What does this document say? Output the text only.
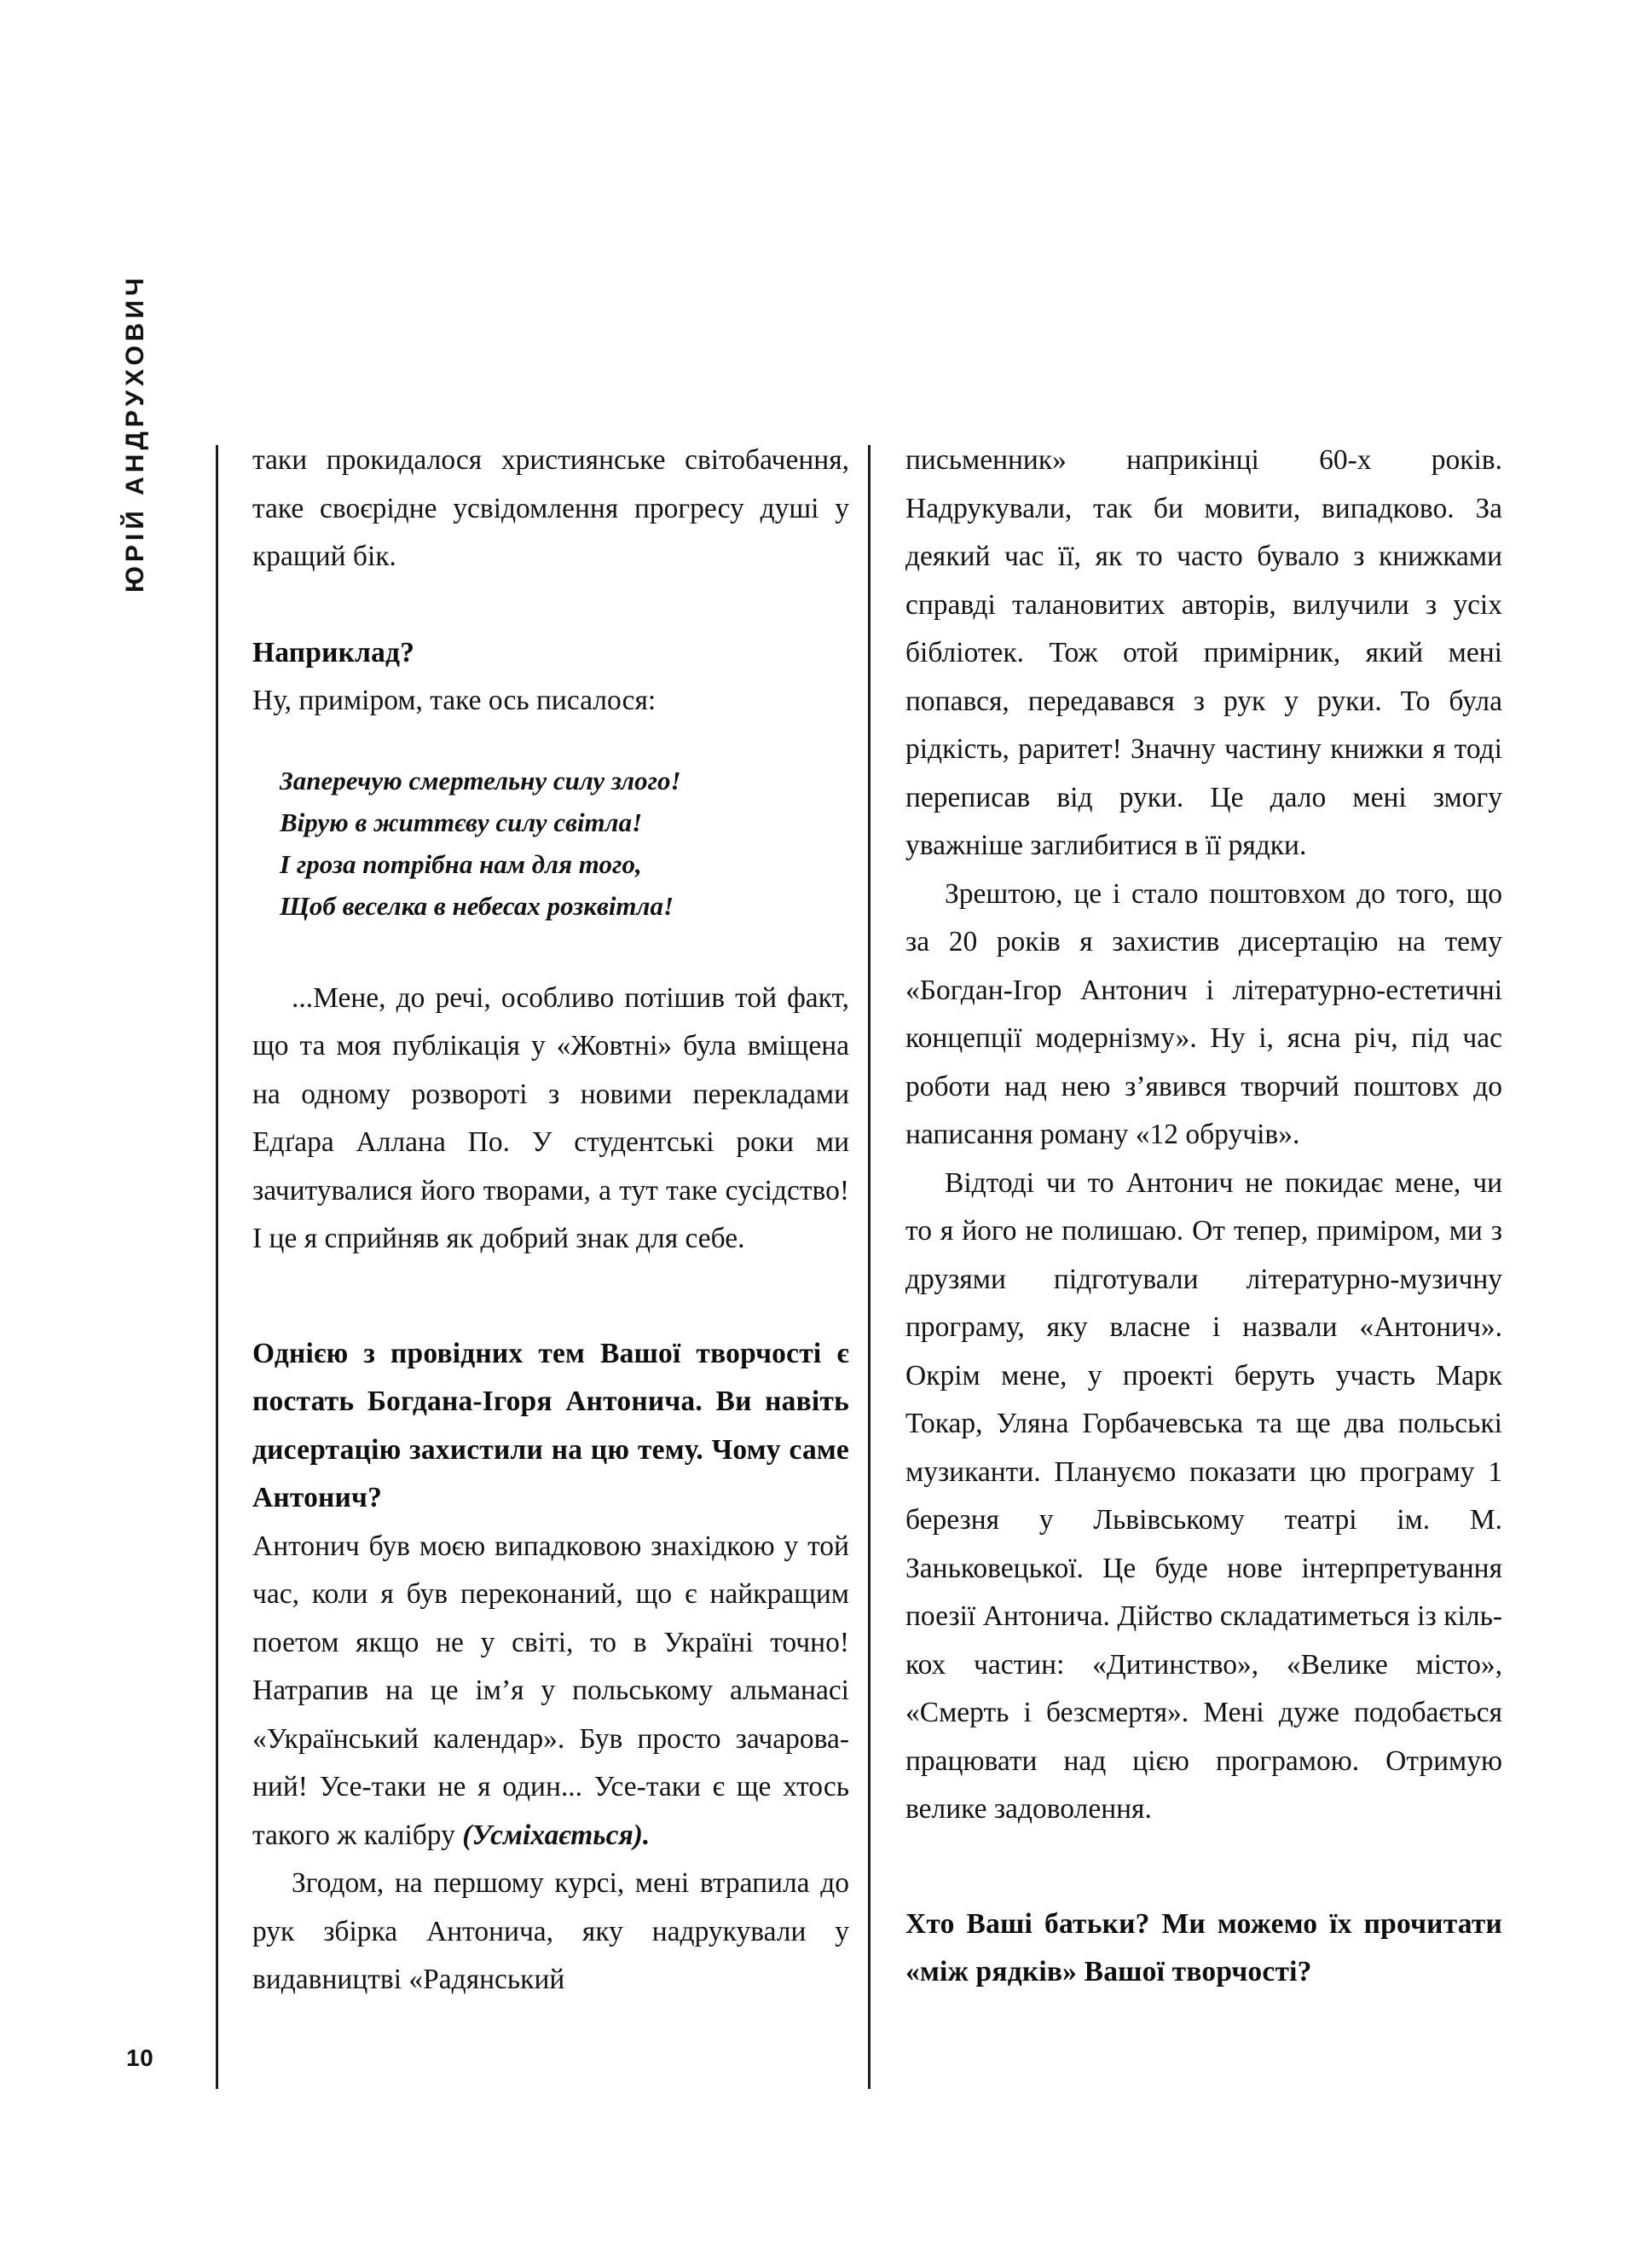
ЮРІЙ АНДРУХОВИЧ
10

таки прокидалося християнське світобачення, таке своєрідне усвідомлення прогресу душі у кращий бік.

Наприклад?

Ну, приміром, таке ось писалося:

Заперечую смертельну силу злого!
Вірую в життєву силу світла!
І гроза потрібна нам для того,
Щоб веселка в небесах розквітла!

...Мене, до речі, особливо потішив той факт, що та моя публікація у «Жовтні» була вміщена на одному розвороті з новими перекладами Едґара Аллана По. У студентські роки ми зачитувалися його творами, а тут таке сусідство! І це я сприйняв як добрий знак для себе.

Однією з провідних тем Вашої творчості є постать Богдана-Ігоря Антонича. Ви навіть дисертацію захистили на цю тему. Чому саме Антонич?

Антонич був моєю випадковою знахідкою у той час, коли я був переконаний, що є найкращим поетом якщо не у світі, то в Україні точно! Натрапив на це ім’я у польському альманасі «Український календар». Був просто зачарований! Усе-таки не я один... Усе-таки є ще хтось такого ж калібру (Усміхається).

Згодом, на першому курсі, мені втрапила до рук збірка Антонича, яку надрукували у видавництві «Радянський

письменник» наприкінці 60-х років. Надрукували, так би мовити, випадково. За деякий час її, як то часто бувало з книжками справді талановитих авторів, вилучили з усіх бібліотек. Тож отой примірник, який мені попався, передавався з рук у руки. То була рідкість, раритет! Значну частину книжки я тоді переписав від руки. Це дало мені змогу уважніше заглибитися в її рядки.

Зрештою, це і стало поштовхом до того, що за 20 років я захистив дисертацію на тему «Богдан-Ігор Антонич і літературно-естетичні концепції модернізму». Ну і, ясна річ, під час роботи над нею з’явився творчий поштовх до написання роману «12 обручів».

Відтоді чи то Антонич не покидає мене, чи то я його не полишаю. От тепер, приміром, ми з друзями підготували літературно-музичну програму, яку власне і назвали «Антонич». Окрім мене, у проекті беруть участь Марк Токар, Уляна Горбачевська та ще два польські музиканти. Плануємо показати цю програму 1 березня у Львівському театрі ім. М. Заньковецької. Це буде нове інтерпретування поезії Антонича. Дійство складатиметься із кількох частин: «Дитинство», «Велике місто», «Смерть і безсмертя». Мені дуже подобається працювати над цією програмою. Отримую велике задоволення.

Хто Ваші батьки? Ми можемо їх прочитати «між рядків» Вашої творчості?
